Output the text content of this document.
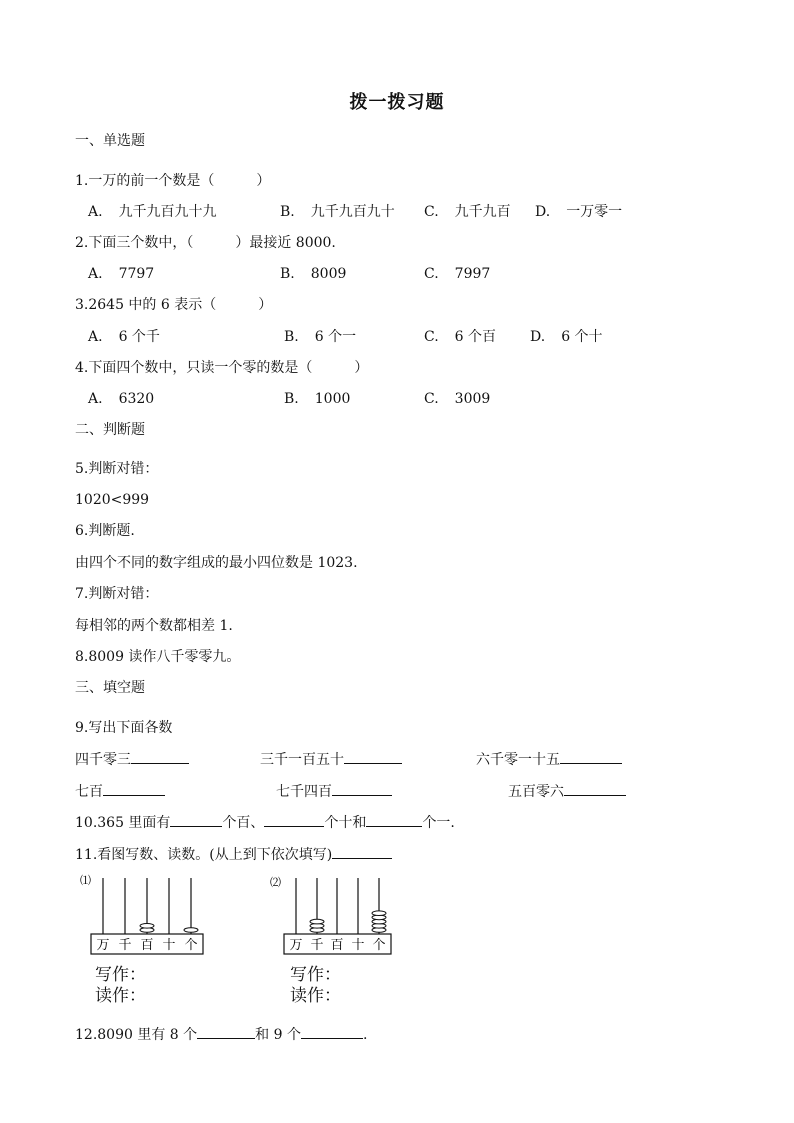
拨一拨习题
一、单选题
1.一万的前一个数是（　　　）
A. 九千九百九十九	B. 九千九百九十 C. 九千九百 D. 一万零一
2.下面三个数中，（　　　）最接近 8000.
A. 7797	B. 8009	C. 7997
3.2645 中的 6 表示（　　　）
A. 6 个千	B. 6 个一	C. 6 个百 D. 6 个十
4.下面四个数中，只读一个零的数是（　　　）
A. 6320	B. 1000	C. 3009
二、判断题
5.判断对错：
1020<999
6.判断题.
由四个不同的数字组成的最小四位数是 1023.
7.判断对错：
每相邻的两个数都相差 1.
8.8009 读作八千零零九。
三、填空题
9.写出下面各数
四千零三	三千一百五十	六千零一十五
七百	七千四百	五百零六
10.365 里面有	个百、	个十和	个一.
11.看图写数、读数。(从上到下依次填写)
⑴
万 千 百 十 个
写作：
读作：
⑵
万 千 百 十 个
写作：
读作：
12.8090 里有 8 个	和 9 个	.
